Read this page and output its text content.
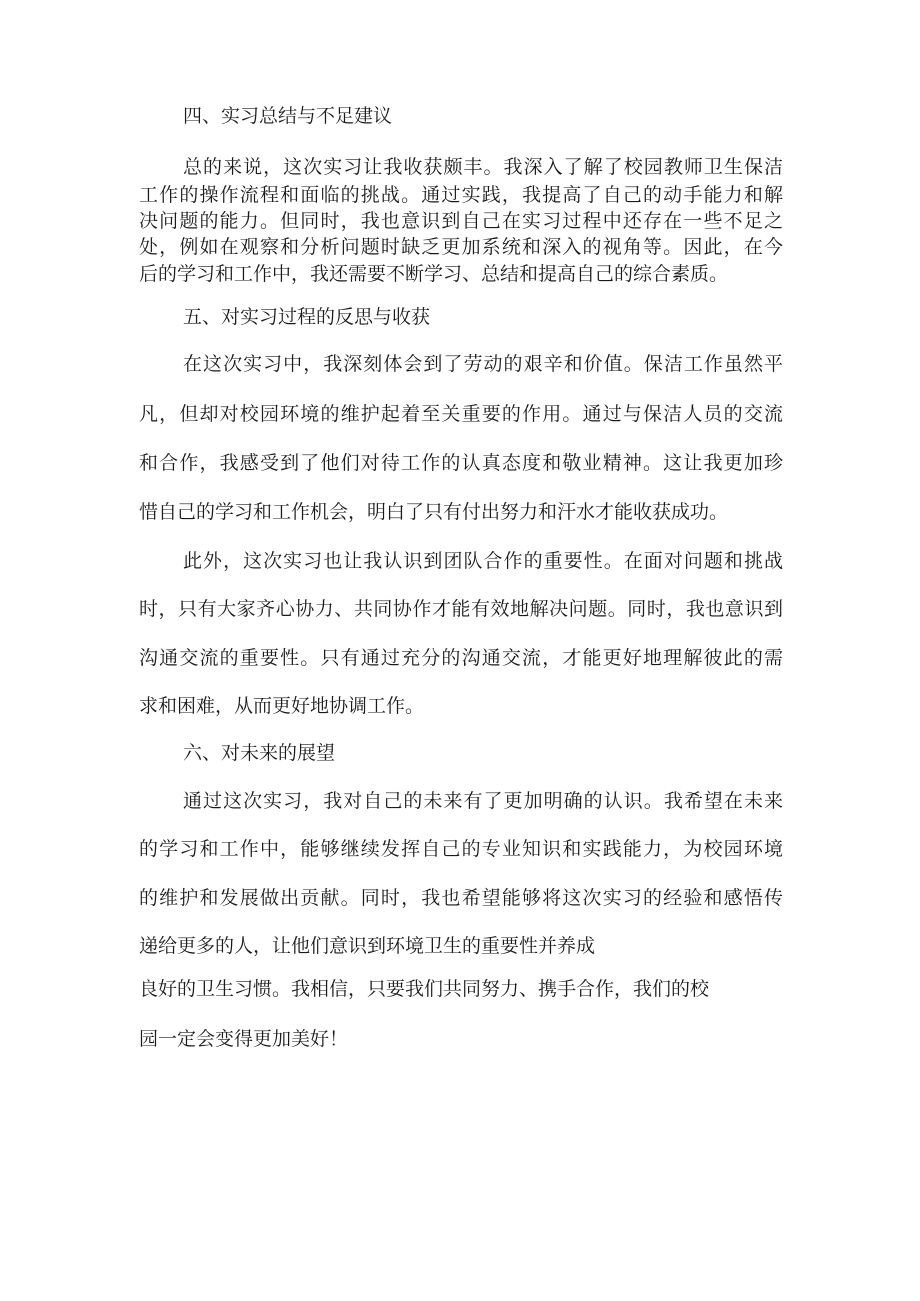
四、实习总结与不足建议

总的来说，这次实习让我收获颇丰。我深入了解了校园教师卫生保洁

工作的操作流程和面临的挑战。通过实践，我提高了自己的动手能力和解

决问题的能力。但同时，我也意识到自己在实习过程中还存在一些不足之

处，例如在观察和分析问题时缺乏更加系统和深入的视角等。因此，在今

后的学习和工作中，我还需要不断学习、总结和提高自己的综合素质。

五、对实习过程的反思与收获

在这次实习中，我深刻体会到了劳动的艰辛和价值。保洁工作虽然平

凡，但却对校园环境的维护起着至关重要的作用。通过与保洁人员的交流

和合作，我感受到了他们对待工作的认真态度和敬业精神。这让我更加珍

惜自己的学习和工作机会，明白了只有付出努力和汗水才能收获成功。

此外，这次实习也让我认识到团队合作的重要性。在面对问题和挑战

时，只有大家齐心协力、共同协作才能有效地解决问题。同时，我也意识到

沟通交流的重要性。只有通过充分的沟通交流，才能更好地理解彼此的需

求和困难，从而更好地协调工作。

六、对未来的展望

通过这次实习，我对自己的未来有了更加明确的认识。我希望在未来

的学习和工作中，能够继续发挥自己的专业知识和实践能力，为校园环境

的维护和发展做出贡献。同时，我也希望能够将这次实习的经验和感悟传

递给更多的人，让他们意识到环境卫生的重要性并养成

良好的卫生习惯。我相信，只要我们共同努力、携手合作，我们的校

园一定会变得更加美好！
